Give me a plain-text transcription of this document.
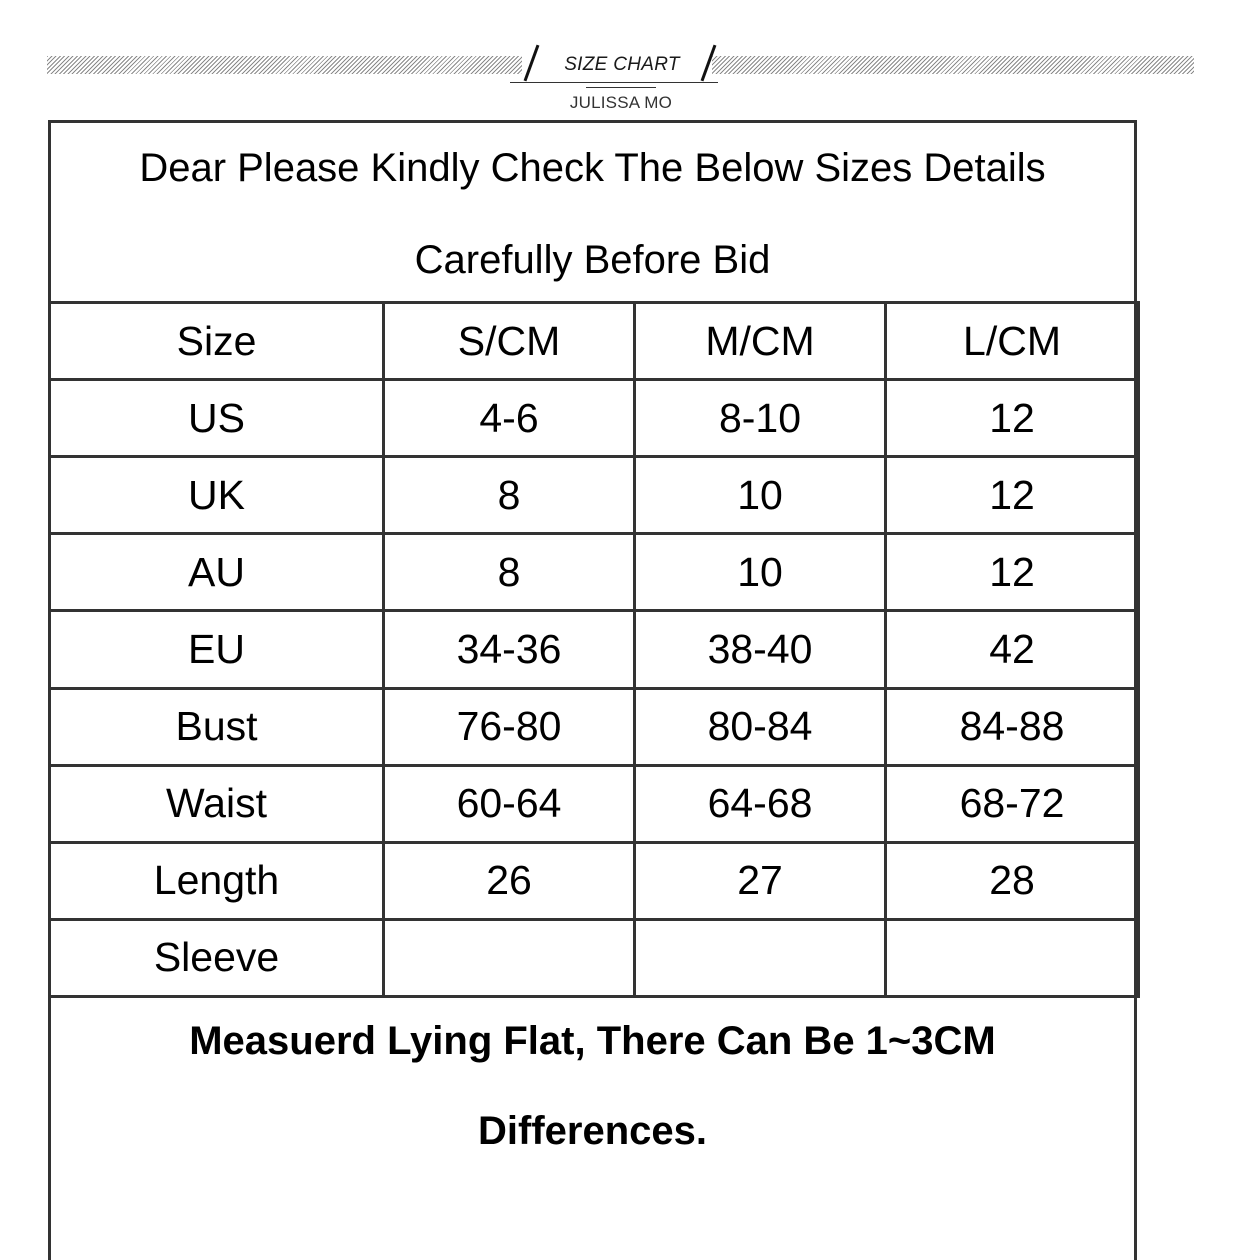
SIZE CHART
JULISSA MO
Dear Please Kindly Check The Below Sizes Details
Carefully Before Bid
Size	S/CM	M/CM	L/CM
US	4-6	8-10	12
UK	8	10	12
AU	8	10	12
EU	34-36	38-40	42
Bust	76-80	80-84	84-88
Waist	60-64	64-68	68-72
Length	26	27	28
Sleeve			
Measuerd Lying Flat, There Can Be 1~3CM
Differences.
